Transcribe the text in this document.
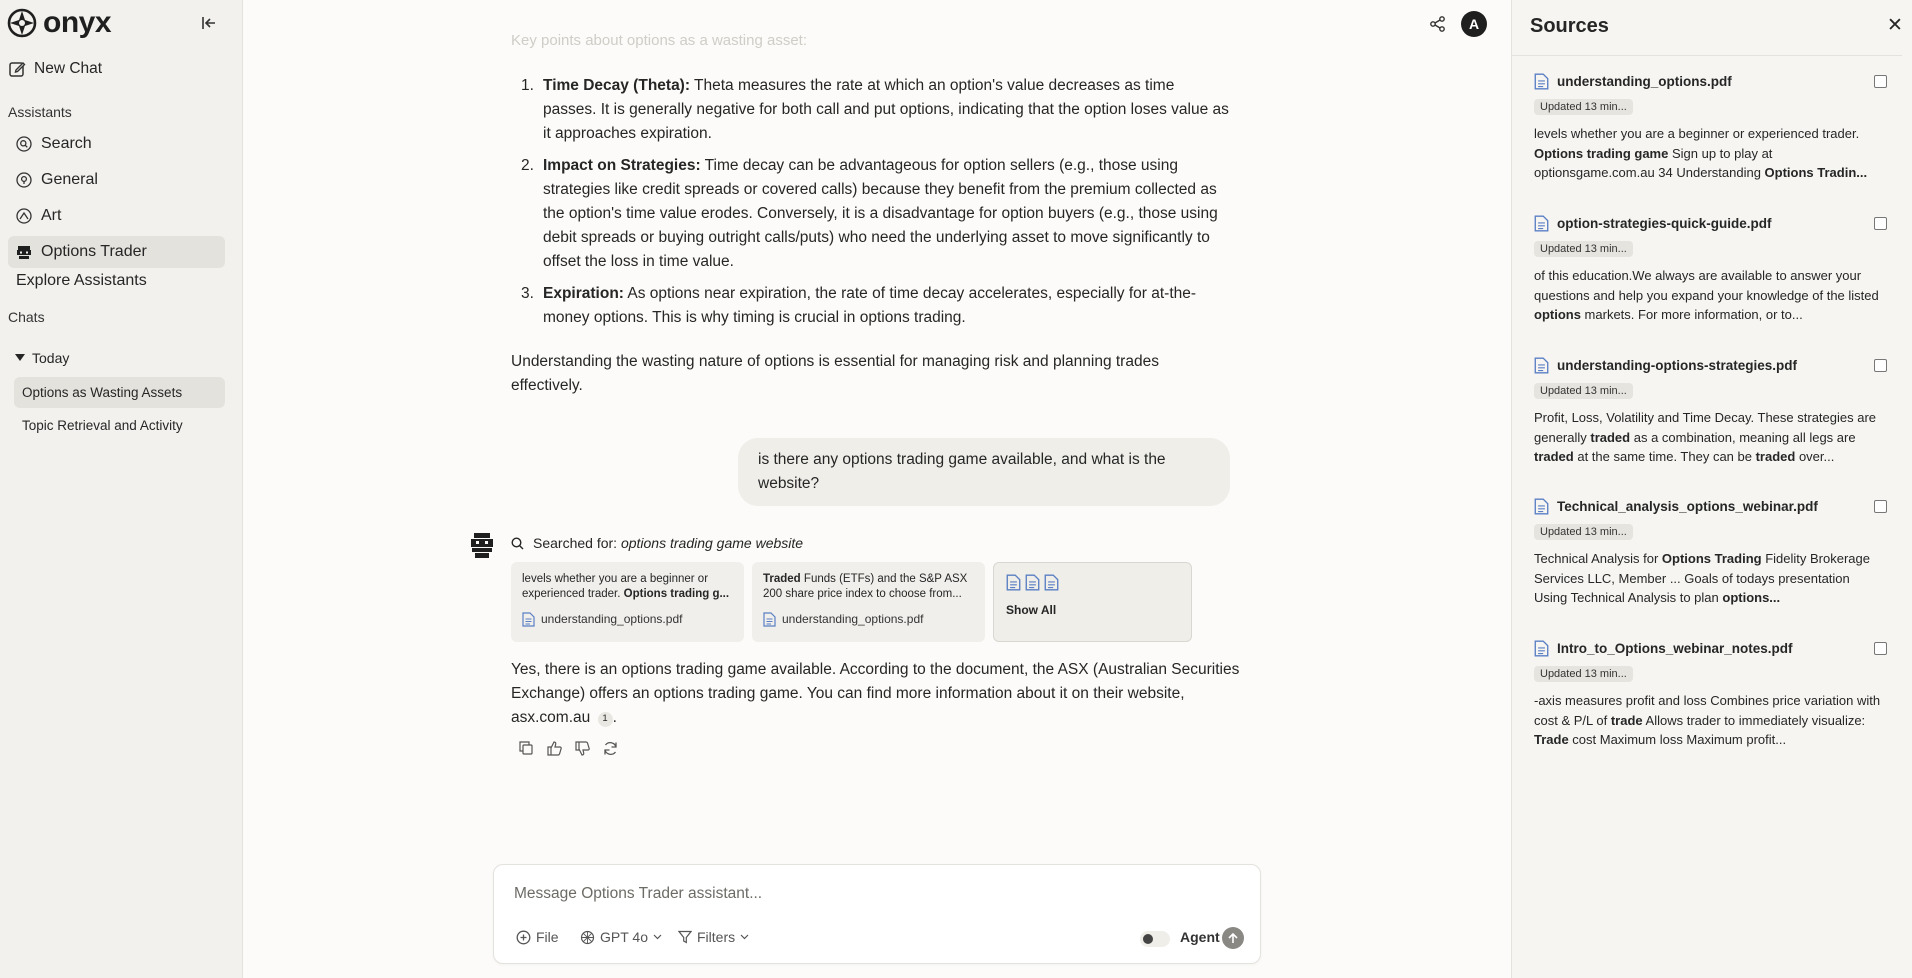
onyx
New Chat
Assistants
Search
General
Art
Options Trader
Explore Assistants
Chats
Today
Options as Wasting Assets
Topic Retrieval and Activity
A
Key points about options as a wasting asset:
1. Time Decay (Theta): Theta measures the rate at which an option's value decreases as time passes. It is generally negative for both call and put options, indicating that the option loses value as it approaches expiration.
2. Impact on Strategies: Time decay can be advantageous for option sellers (e.g., those using strategies like credit spreads or covered calls) because they benefit from the premium collected as the option's time value erodes. Conversely, it is a disadvantage for option buyers (e.g., those using debit spreads or buying outright calls/puts) who need the underlying asset to move significantly to offset the loss in time value.
3. Expiration: As options near expiration, the rate of time decay accelerates, especially for at-the-money options. This is why timing is crucial in options trading.

Understanding the wasting nature of options is essential for managing risk and planning trades effectively.

is there any options trading game available, and what is the website?
Searched for: options trading game website
levels whether you are a beginner or experienced trader. Options trading g...
understanding_options.pdf
Traded Funds (ETFs) and the S&P ASX 200 share price index to choose from...
understanding_options.pdf
Show All

Yes, there is an options trading game available. According to the document, the ASX (Australian Securities Exchange) offers an options trading game. You can find more information about it on their website, asx.com.au 1 .

Message Options Trader assistant...
File	GPT 4o	Filters	Agent
Sources	✕
understanding_options.pdf
Updated 13 min...
levels whether you are a beginner or experienced trader. Options trading game Sign up to play at optionsgame.com.au 34 Understanding Options Tradin...
option-strategies-quick-guide.pdf
Updated 13 min...
of this education.We always are available to answer your questions and help you expand your knowledge of the listed options markets. For more information, or to...
understanding-options-strategies.pdf
Updated 13 min...
Profit, Loss, Volatility and Time Decay. These strategies are generally traded as a combination, meaning all legs are traded at the same time. They can be traded over...
Technical_analysis_options_webinar.pdf
Updated 13 min...
Technical Analysis for Options Trading Fidelity Brokerage Services LLC, Member ... Goals of todays presentation Using Technical Analysis to plan options...
Intro_to_Options_webinar_notes.pdf
Updated 13 min...
-axis measures profit and loss Combines price variation with cost & P/L of trade Allows trader to immediately visualize: Trade cost Maximum loss Maximum profit...
